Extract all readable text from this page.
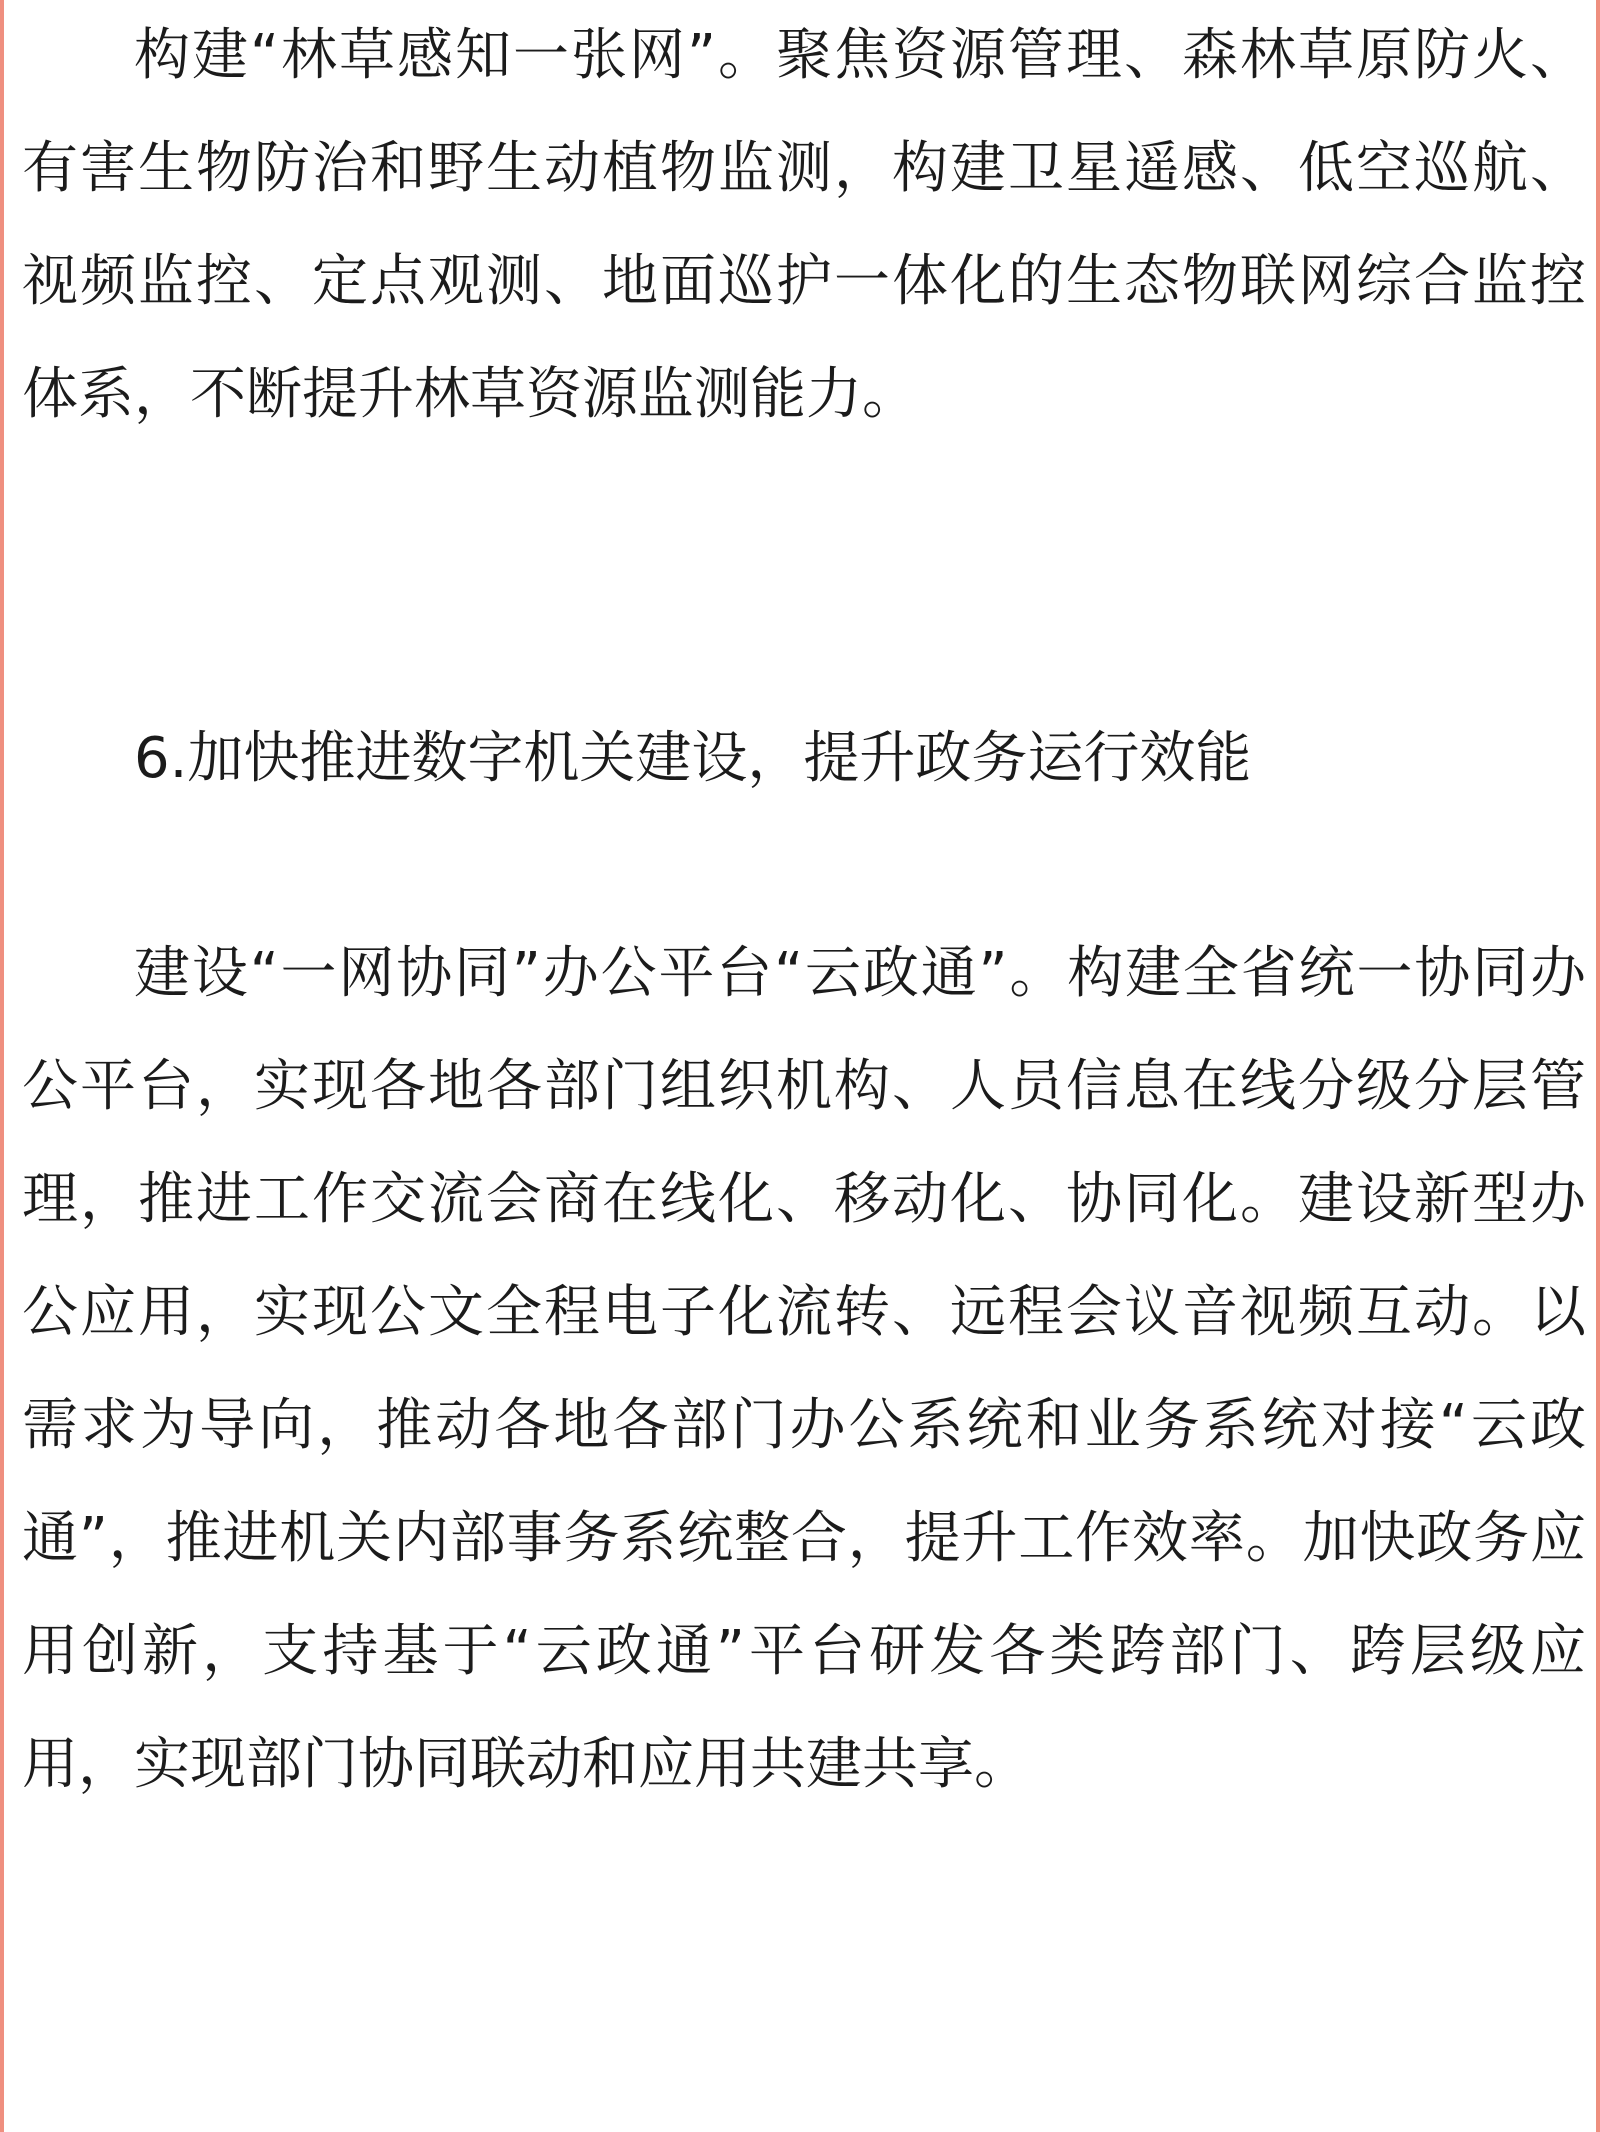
构建“林草感知一张网”。聚焦资源管理、森林草原防火、有害生物防治和野生动植物监测，构建卫星遥感、低空巡航、视频监控、定点观测、地面巡护一体化的生态物联网综合监控体系，不断提升林草资源监测能力。

6.加快推进数字机关建设，提升政务运行效能

建设“一网协同”办公平台“云政通”。构建全省统一协同办公平台，实现各地各部门组织机构、人员信息在线分级分层管理，推进工作交流会商在线化、移动化、协同化。建设新型办公应用，实现公文全程电子化流转、远程会议音视频互动。以需求为导向，推动各地各部门办公系统和业务系统对接“云政通”，推进机关内部事务系统整合，提升工作效率。加快政务应用创新，支持基于“云政通”平台研发各类跨部门、跨层级应用，实现部门协同联动和应用共建共享。
